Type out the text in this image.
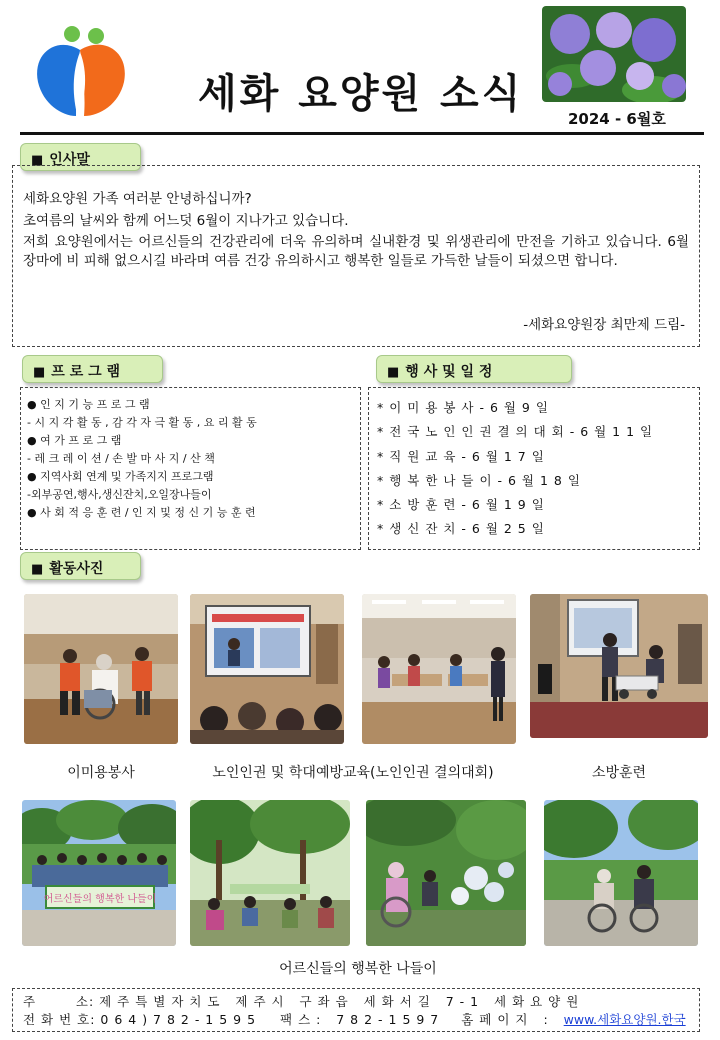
세화 요양원 소식
2024 - 6월호
■ 인사말

세화요양원 가족 여러분 안녕하십니까?

초여름의 날씨와 함께 어느덧 6월이 지나가고 있습니다.

저희 요양원에서는 어르신들의 건강관리에 더욱 유의하며 실내환경 및 위생관리에 만전을 기하고 있습니다. 6월 장마에 비 피해 없으시길 바라며 여름 건강 유의하시고 행복한 일들로 가득한 날들이 되셨으면 합니다.

-세화요양원장 최만제 드림-
■ 프 로 그 램
● 인 지 기 능 프 로 그 램
- 시 지 각 활 동 , 감 각 자 극 활 동 , 요 리 활 동
● 여 가 프 로 그 램
- 레 크 레 이 션 / 손 발 마 사 지 / 산 책
● 지역사회 연계 및 가족지지 프로그램
-외부공연,행사,생신잔치,오일장나들이
● 사 회 적 응 훈 련 / 인 지 및 정 신 기 능 훈 련
■ 행 사 및 일 정
* 이 미 용 봉 사 - 6 월 9 일
* 전 국 노 인 인 권 결 의 대 회 - 6 월 1 1 일
* 직 원 교 육 - 6 월 1 7 일
* 행 복 한 나 들 이 - 6 월 1 8 일
* 소 방 훈 련 - 6 월 1 9 일
* 생 신 잔 치 - 6 월 2 5 일
■ 활동사진
이미용봉사	노인인권 및 학대예방교육(노인인권 결의대회)	소방훈련
어르신들의 행복한 나들이
어르신들의 행복한 나들이
주        소: 제 주 특 별 자 치 도   제 주 시   구 좌 읍   세 화 서 길   7 - 1   세 화 요 양 원
전 화 번 호: 0 6 4 ) 7 8 2 - 1 5 9 5 팩 스 :   7 8 2 - 1 5 9 7 홈 페 이 지 : www.세화요양원.한국
